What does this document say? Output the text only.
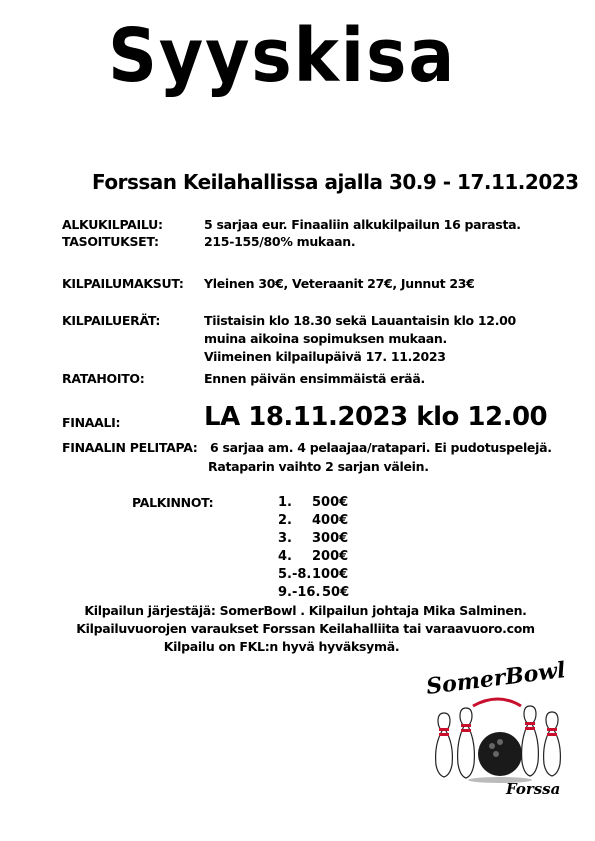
Syyskisa
Forssan Keilahallissa ajalla 30.9 - 17.11.2023
ALKUKILPAILU:	5 sarjaa eur. Finaaliin alkukilpailun 16 parasta.
TASOITUKSET:	215-155/80% mukaan.
KILPAILUMAKSUT: Yleinen 30€, Veteraanit 27€, Junnut 23€
KILPAILUERÄT:	Tiistaisin klo 18.30 sekä Lauantaisin klo 12.00
muina aikoina sopimuksen mukaan.
Viimeinen kilpailupäivä 17. 11.2023
RATAHOITO:	Ennen päivän ensimmäistä erää.
FINAALI:	LA 18.11.2023 klo 12.00
FINAALIN PELITAPA: 6 sarjaa am. 4 pelaajaa/ratapari. Ei pudotuspelejä.
Rataparin vaihto 2 sarjan välein.
PALKINNOT:	1. 500€
2. 400€
3. 300€
4. 200€
5.-8. 100€
9.-16. 50€
Kilpailun järjestäjä: SomerBowl . Kilpailun johtaja Mika Salminen.
Kilpailuvuorojen varaukset Forssan Keilahalliita tai varaavuoro.com
Kilpailu on FKL:n hyvä hyväksymä.
SomerBowl
Forssa
